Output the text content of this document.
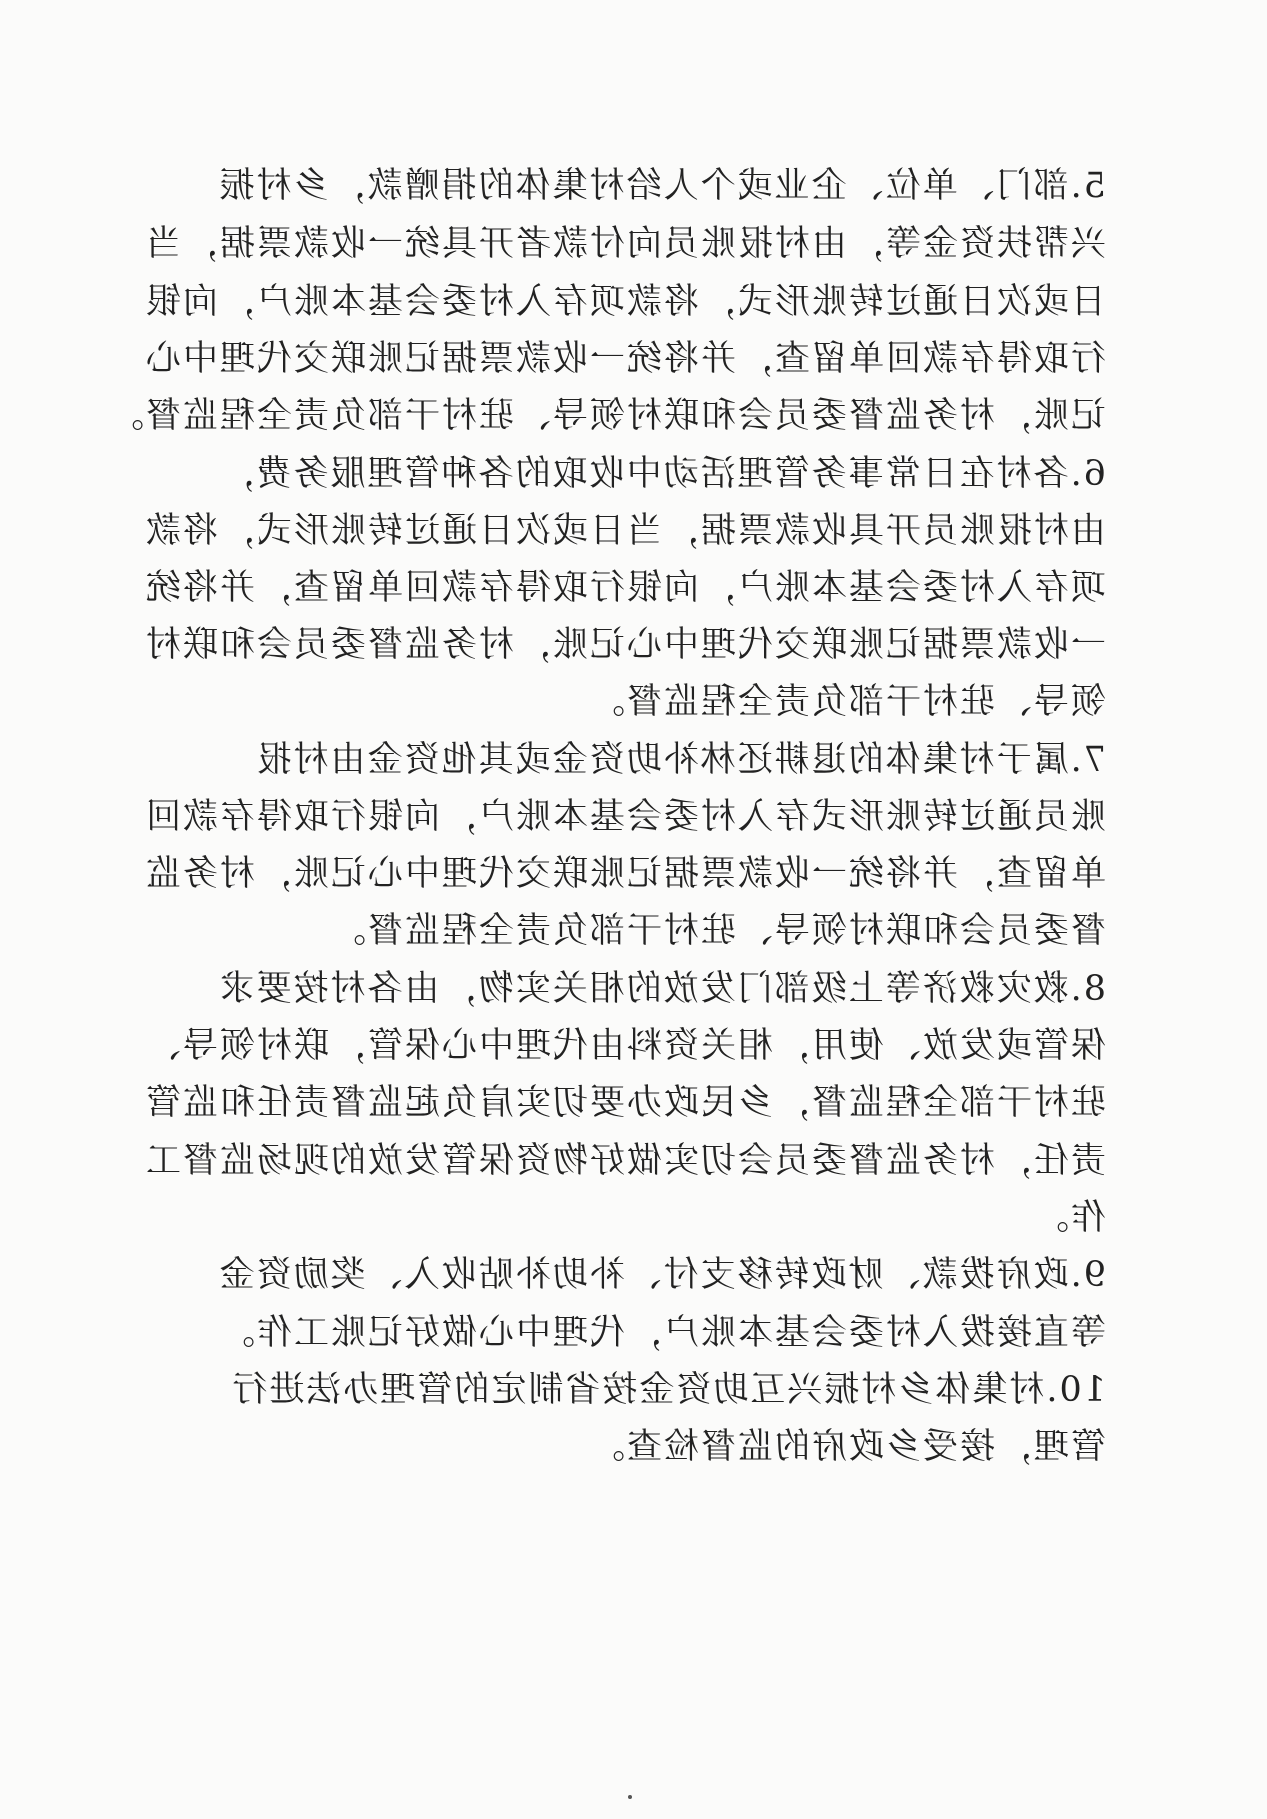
5.部门、单位、企业或个人给村集体的捐赠款，乡村振
兴帮扶资金等，由村报账员向付款者开具统一收款票据，当
日或次日通过转账形式，将款项存入村委会基本账户，向银
行取得存款回单留查，并将统一收款票据记账联交代理中心
记账，村务监督委员会和联村领导、驻村干部负责全程监督。
6.各村在日常事务管理活动中收取的各种管理服务费，
由村报账员开具收款票据，当日或次日通过转账形式，将款
项存入村委会基本账户，向银行取得存款回单留查，并将统
一收款票据记账联交代理中心记账，村务监督委员会和联村
领导、驻村干部负责全程监督。
7.属于村集体的退耕还林补助资金或其他资金由村报
账员通过转账形式存入村委会基本账户，向银行取得存款回
单留查，并将统一收款票据记账联交代理中心记账，村务监
督委员会和联村领导、驻村干部负责全程监督。
8.救灾救济等上级部门发放的相关实物，由各村按要求
保管或发放、使用，相关资料由代理中心保管，联村领导、
驻村干部全程监督，乡民政办要切实肩负起监督责任和监管
责任，村务监督委员会切实做好物资保管发放的现场监督工
作。
9.政府拨款、财政转移支付、补助补贴收入、奖励资金
等直接拨入村委会基本账户，代理中心做好记账工作。
10.村集体乡村振兴互助资金按省制定的管理办法进行
管理，接受乡政府的监督检查。
